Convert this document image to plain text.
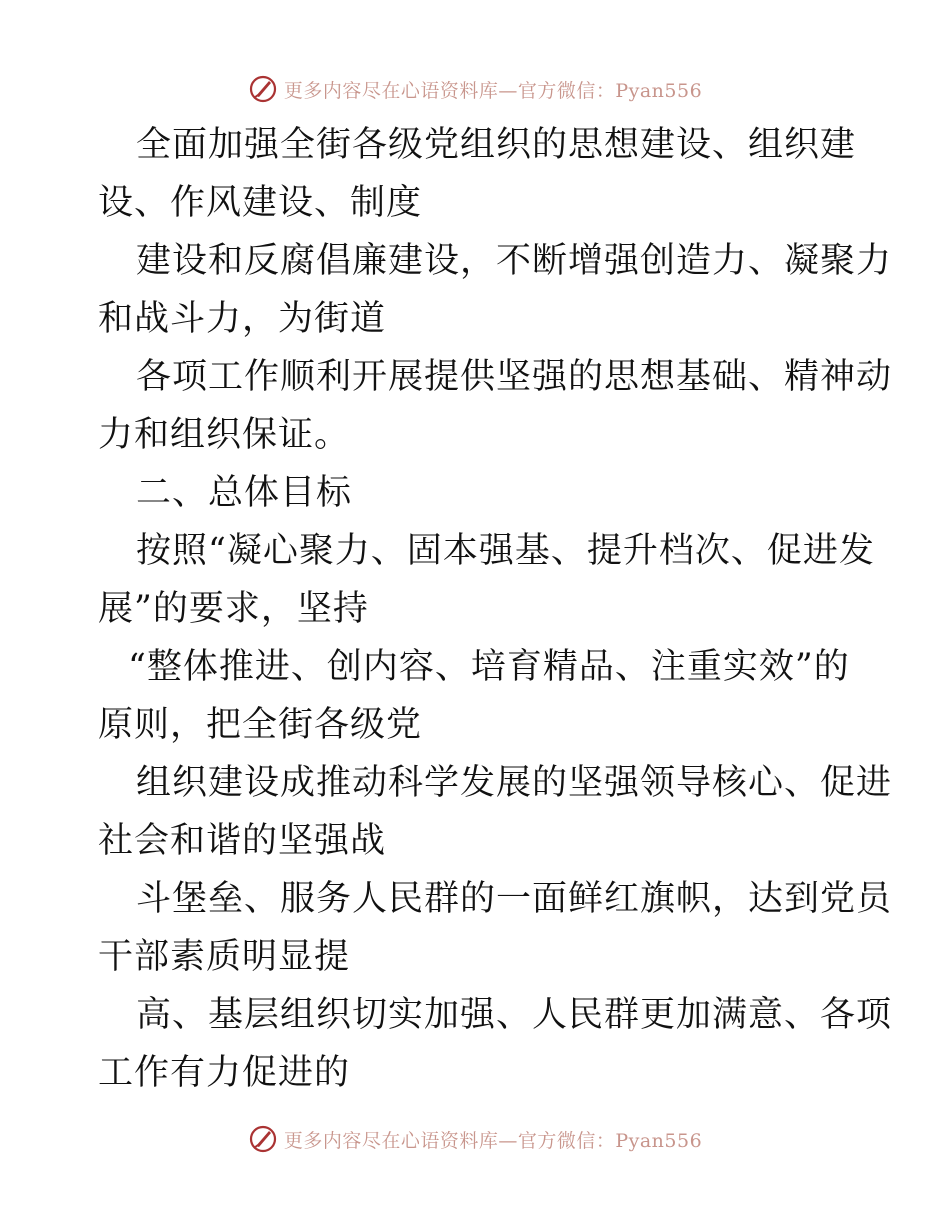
更多内容尽在心语资料库—官方微信：Pyan556
全面加强全街各级党组织的思想建设、组织建
设、作风建设、制度
建设和反腐倡廉建设，不断增强创造力、凝聚力
和战斗力，为街道
各项工作顺利开展提供坚强的思想基础、精神动
力和组织保证。
二、总体目标
按照“凝心聚力、固本强基、提升档次、促进发
展”的要求，坚持
“整体推进、创内容、培育精品、注重实效”的
原则，把全街各级党
组织建设成推动科学发展的坚强领导核心、促进
社会和谐的坚强战
斗堡垒、服务人民群的一面鲜红旗帜，达到党员
干部素质明显提
高、基层组织切实加强、人民群更加满意、各项
工作有力促进的
更多内容尽在心语资料库—官方微信：Pyan556
